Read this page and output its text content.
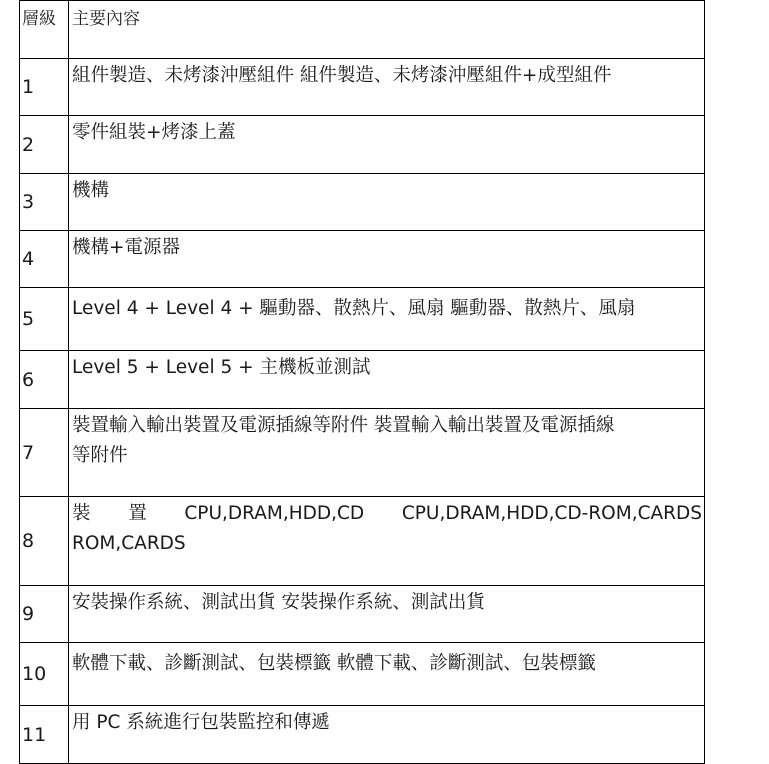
層級	主要內容
1	組件製造、未烤漆沖壓組件 組件製造、未烤漆沖壓組件+成型組件
2	零件組裝+烤漆上蓋
3	機構
4	機構+電源器
5	Level 4 + Level 4 + 驅動器、散熱片、風扇 驅動器、散熱片、風扇
6	Level 5 + Level 5 + 主機板並測試
7	裝置輸入輸出裝置及電源插線等附件 裝置輸入輸出裝置及電源插線
等附件

8	裝　置　CPU,DRAM,HDD,CD　CPU,DRAM,HDD,CD-ROM,CARDS
ROM,CARDS

9	安裝操作系統、測試出貨 安裝操作系統、測試出貨
10	軟體下載、診斷測試、包裝標籤 軟體下載、診斷測試、包裝標籤
11	用 PC 系統進行包裝監控和傳遞
